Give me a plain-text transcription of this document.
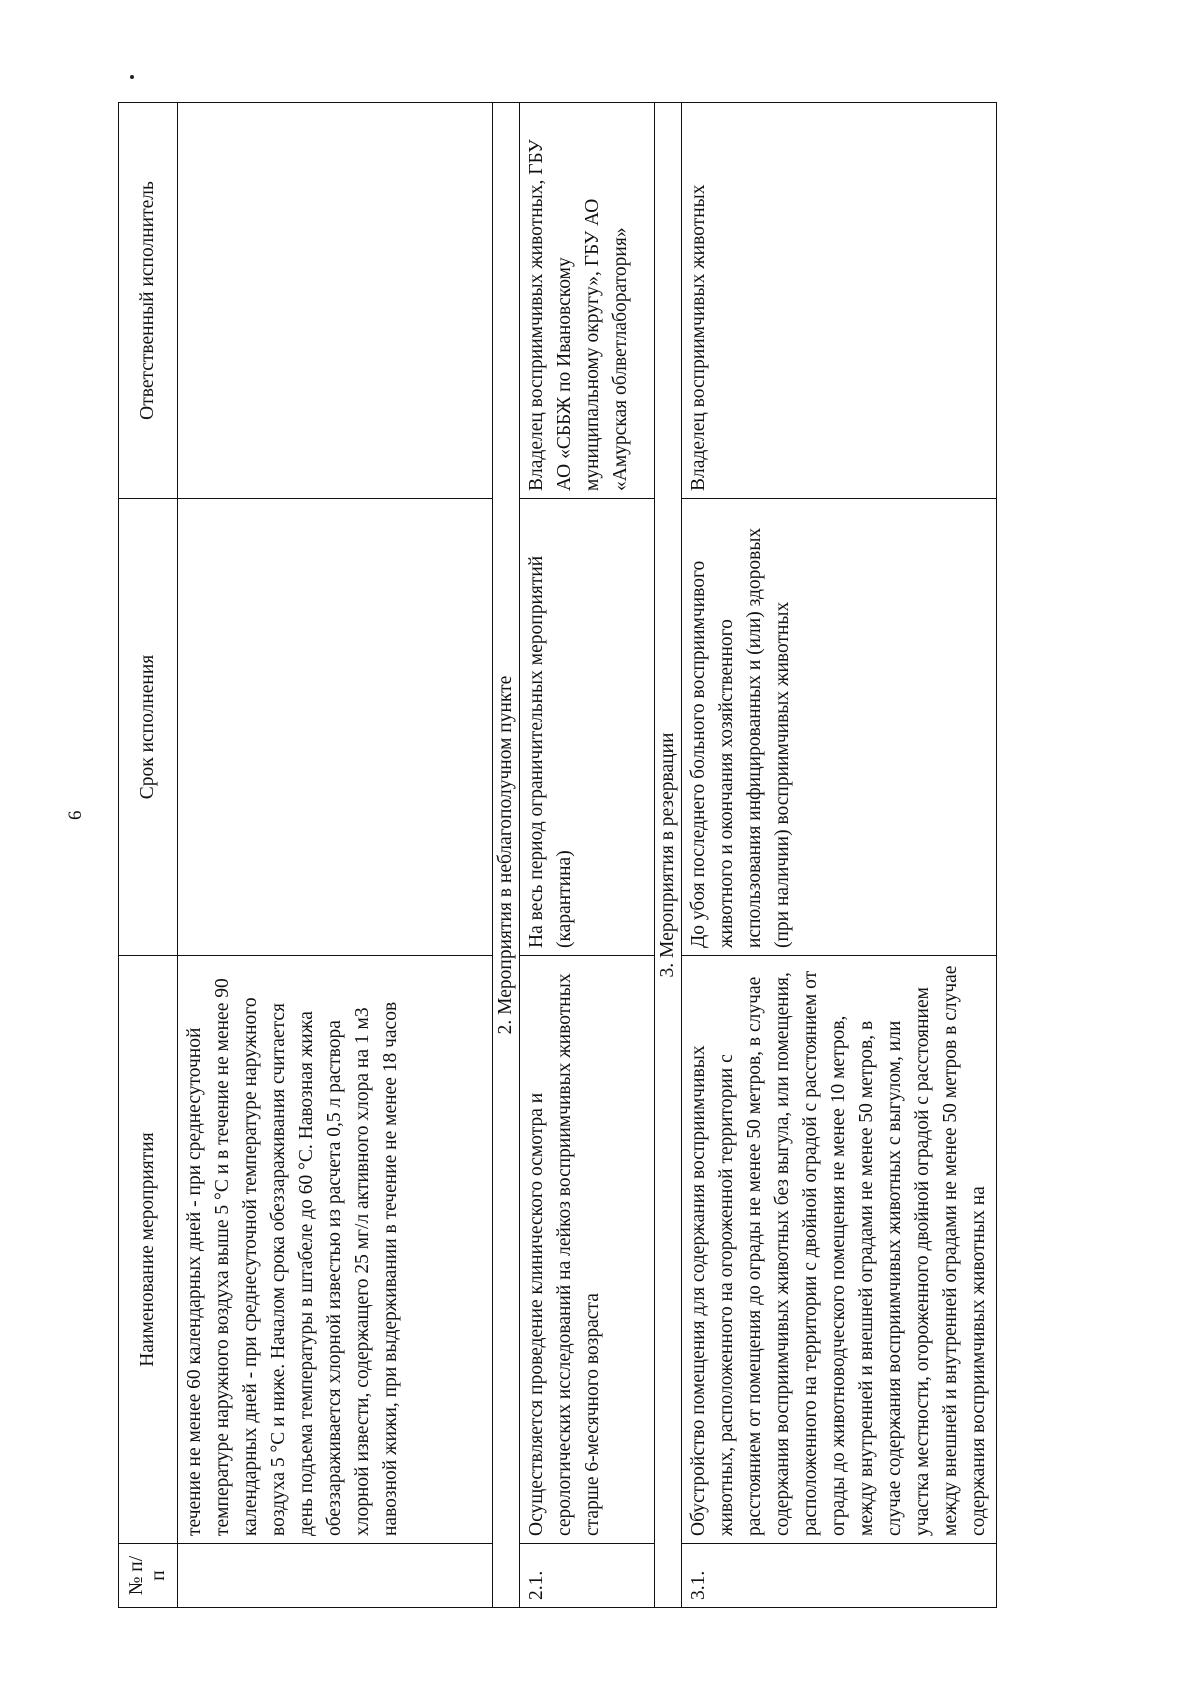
6
№ п/п	Наименование мероприятия	Срок исполнения	Ответственный исполнитель
	течение не менее 60 календарных дней - при среднесуточной температуре наружного воздуха выше 5 °С и в течение не менее 90 календарных дней - при среднесуточной температуре наружного воздуха 5 °С и ниже. Началом срока обеззараживания считается день подъема температуры в штабеле до 60 °С. Навозная жижа обеззараживается хлорной известью из расчета 0,5 л раствора хлорной извести, содержащего 25 мг/л активного хлора на 1 м3 навозной жижи, при выдерживании в течение не менее 18 часов		
2. Мероприятия в неблагополучном пункте			
2.1.	Осуществляется проведение клинического осмотра и серологических исследований на лейкоз восприимчивых животных старше 6-месячного возраста	На весь период ограничительных мероприятий (карантина)	Владелец восприимчивых животных, ГБУ АО «СББЖ по Ивановскому муниципальному округу», ГБУ АО «Амурская облветлаборатория»
3. Мероприятия в резервации			
3.1.	Обустройство помещения для содержания восприимчивых животных, расположенного на огороженной территории с расстоянием от помещения до ограды не менее 50 метров, в случае содержания восприимчивых животных без выгула, или помещения, расположенного на территории с двойной оградой с расстоянием от ограды до животноводческого помещения не менее 10 метров, между внутренней и внешней оградами не менее 50 метров, в случае содержания восприимчивых животных с выгулом, или участка местности, огороженного двойной оградой с расстоянием между внешней и внутренней оградами не менее 50 метров в случае содержания восприимчивых животных на	До убоя последнего больного восприимчивого животного и окончания хозяйственного использования инфицированных и (или) здоровых (при наличии) восприимчивых животных	Владелец восприимчивых животных
